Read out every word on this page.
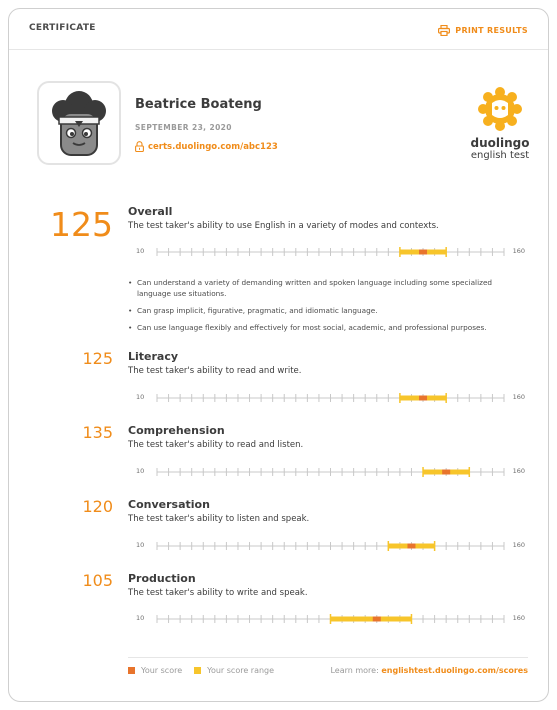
CERTIFICATE	PRINT RESULTS
Beatrice Boateng
SEPTEMBER 23, 2020
certs.duolingo.com/abc123	duolingo
english test
125 Overall
The test taker's ability to use English in a variety of modes and contexts.
10	160
• Can understand a variety of demanding written and spoken language including some specialized language use situations.
• Can grasp implicit, figurative, pragmatic, and idiomatic language.
• Can use language flexibly and effectively for most social, academic, and professional purposes.
125 Literacy
The test taker's ability to read and write.
10	160
135 Comprehension
The test taker's ability to read and listen.
10	160
120 Conversation
The test taker's ability to listen and speak.
10	160
105 Production
The test taker's ability to write and speak.
10	160
Your score	Your score range	Learn more: englishtest.duolingo.com/scores
